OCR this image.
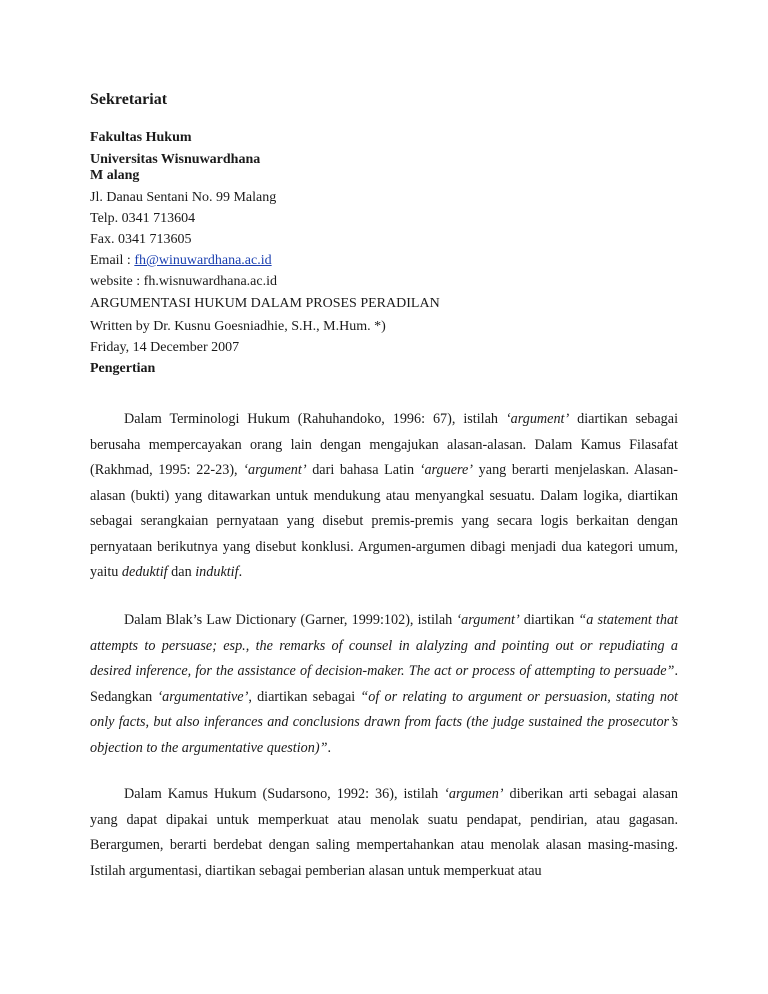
Sekretariat
Fakultas Hukum
Universitas Wisnuwardhana
M alang
Jl. Danau Sentani No. 99 Malang
Telp. 0341 713604
Fax. 0341 713605
Email : fh@winuwardhana.ac.id
website : fh.wisnuwardhana.ac.id
ARGUMENTASI HUKUM DALAM PROSES PERADILAN
Written by Dr. Kusnu Goesniadhie, S.H., M.Hum. *)
Friday, 14 December 2007
Pengertian

Dalam Terminologi Hukum (Rahuhandoko, 1996: 67), istilah ‘argument’ diartikan sebagai berusaha mempercayakan orang lain dengan mengajukan alasan-alasan. Dalam Kamus Filasafat (Rakhmad, 1995: 22-23), ‘argument’ dari bahasa Latin ‘arguere’ yang berarti menjelaskan. Alasan-alasan (bukti) yang ditawarkan untuk mendukung atau menyangkal sesuatu. Dalam logika, diartikan sebagai serangkaian pernyataan yang disebut premis-premis yang secara logis berkaitan dengan pernyataan berikutnya yang disebut konklusi. Argumen-argumen dibagi menjadi dua kategori umum, yaitu deduktif dan induktif.

Dalam Blak’s Law Dictionary (Garner, 1999:102), istilah ‘argument’ diartikan “a statement that attempts to persuase; esp., the remarks of counsel in alalyzing and pointing out or repudiating a desired inference, for the assistance of decision-maker. The act or process of attempting to persuade”. Sedangkan ‘argumentative’, diartikan sebagai “of or relating to argument or persuasion, stating not only facts, but also inferances and conclusions drawn from facts (the judge sustained the prosecutor’s objection to the argumentative question)”.

Dalam Kamus Hukum (Sudarsono, 1992: 36), istilah ‘argumen’ diberikan arti sebagai alasan yang dapat dipakai untuk memperkuat atau menolak suatu pendapat, pendirian, atau gagasan. Berargumen, berarti berdebat dengan saling mempertahankan atau menolak alasan masing-masing. Istilah argumentasi, diartikan sebagai pemberian alasan untuk memperkuat atau
